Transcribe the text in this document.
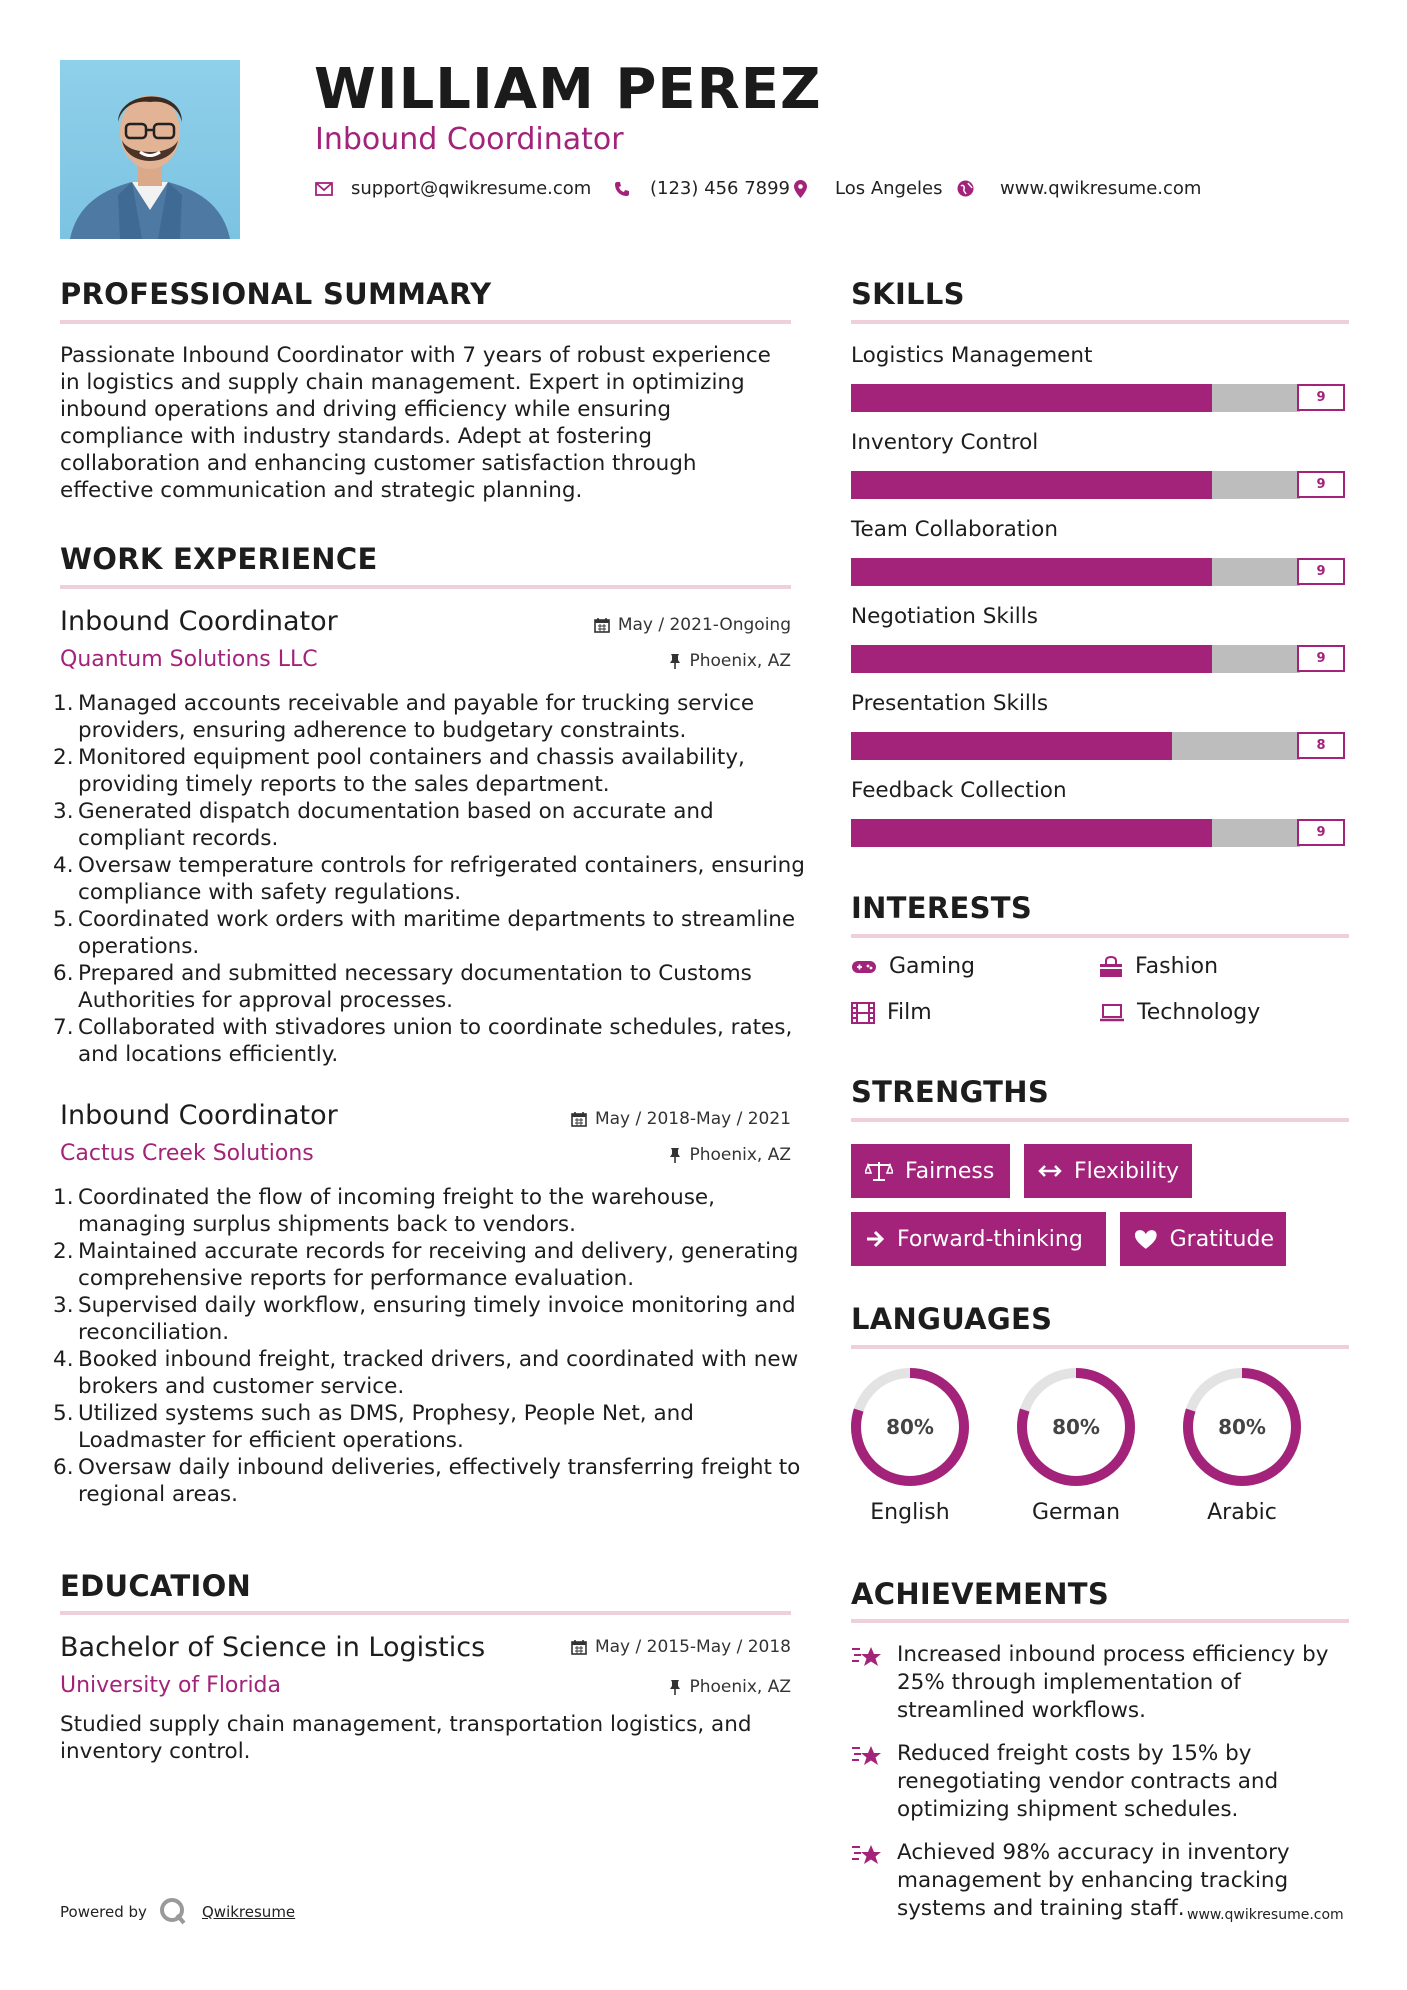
WILLIAM PEREZ
Inbound Coordinator
support@qwikresume.com	(123) 456 7899 Los Angeles	www.qwikresume.com
PROFESSIONAL SUMMARY
Passionate Inbound Coordinator with 7 years of robust experience in logistics and supply chain management. Expert in optimizing inbound operations and driving efficiency while ensuring compliance with industry standards. Adept at fostering collaboration and enhancing customer satisfaction through effective communication and strategic planning.
WORK EXPERIENCE
Inbound Coordinator	May / 2021-Ongoing
Quantum Solutions LLC	Phoenix, AZ
Managed accounts receivable and payable for trucking service providers, ensuring adherence to budgetary constraints.
Monitored equipment pool containers and chassis availability, providing timely reports to the sales department.
Generated dispatch documentation based on accurate and compliant records.
Oversaw temperature controls for refrigerated containers, ensuring compliance with safety regulations.
Coordinated work orders with maritime departments to streamline operations.
Prepared and submitted necessary documentation to Customs Authorities for approval processes.
Collaborated with stivadores union to coordinate schedules, rates, and locations efficiently.
Inbound Coordinator	May / 2018-May / 2021
Cactus Creek Solutions	Phoenix, AZ
Coordinated the flow of incoming freight to the warehouse, managing surplus shipments back to vendors.
Maintained accurate records for receiving and delivery, generating comprehensive reports for performance evaluation.
Supervised daily workflow, ensuring timely invoice monitoring and reconciliation.
Booked inbound freight, tracked drivers, and coordinated with new brokers and customer service.
Utilized systems such as DMS, Prophesy, People Net, and Loadmaster for efficient operations.
Oversaw daily inbound deliveries, effectively transferring freight to regional areas.
EDUCATION
Bachelor of Science in Logistics	May / 2015-May / 2018
University of Florida	Phoenix, AZ
Studied supply chain management, transportation logistics, and inventory control.
Powered by	Qwikresume
SKILLS
Logistics Management
9
Inventory Control
9
Team Collaboration
9
Negotiation Skills
9
Presentation Skills
8
Feedback Collection
9
INTERESTS
Gaming	Fashion
Film	Technology
STRENGTHS
Fairness	Flexibility
Forward-thinking	Gratitude
LANGUAGES
80%
English
80%
German
80%
Arabic
ACHIEVEMENTS
Increased inbound process efficiency by 25% through implementation of streamlined workflows.
Reduced freight costs by 15% by renegotiating vendor contracts and optimizing shipment schedules.
Achieved 98% accuracy in inventory management by enhancing tracking systems and training staff. www.qwikresume.com
